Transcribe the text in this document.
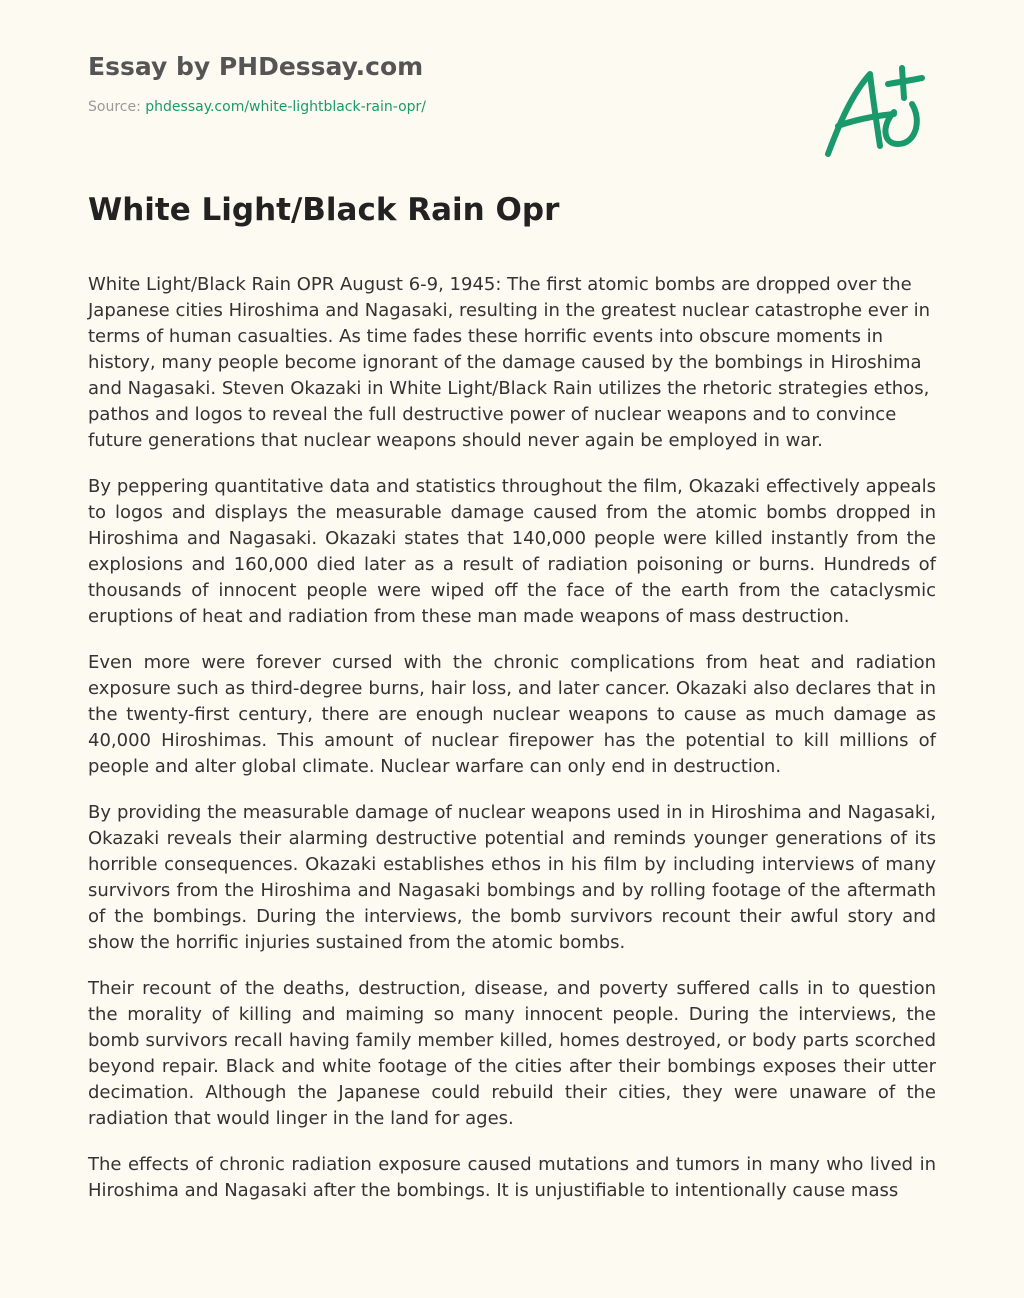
Essay by PHDessay.com
Source: phdessay.com/white-lightblack-rain-opr/
White Light/Black Rain Opr

White Light/Black Rain OPR August 6-9, 1945: The first atomic bombs are dropped over the Japanese cities Hiroshima and Nagasaki, resulting in the greatest nuclear catastrophe ever in terms of human casualties. As time fades these horrific events into obscure moments in history, many people become ignorant of the damage caused by the bombings in Hiroshima and Nagasaki. Steven Okazaki in White Light/Black Rain utilizes the rhetoric strategies ethos, pathos and logos to reveal the full destructive power of nuclear weapons and to convince future generations that nuclear weapons should never again be employed in war.

By peppering quantitative data and statistics throughout the film, Okazaki effectively appeals to logos and displays the measurable damage caused from the atomic bombs dropped in Hiroshima and Nagasaki. Okazaki states that 140,000 people were killed instantly from the explosions and 160,000 died later as a result of radiation poisoning or burns. Hundreds of thousands of innocent people were wiped off the face of the earth from the cataclysmic eruptions of heat and radiation from these man made weapons of mass destruction.

Even more were forever cursed with the chronic complications from heat and radiation exposure such as third-degree burns, hair loss, and later cancer. Okazaki also declares that in the twenty-first century, there are enough nuclear weapons to cause as much damage as 40,000 Hiroshimas. This amount of nuclear firepower has the potential to kill millions of people and alter global climate. Nuclear warfare can only end in destruction.

By providing the measurable damage of nuclear weapons used in in Hiroshima and Nagasaki, Okazaki reveals their alarming destructive potential and reminds younger generations of its horrible consequences. Okazaki establishes ethos in his film by including interviews of many survivors from the Hiroshima and Nagasaki bombings and by rolling footage of the aftermath of the bombings. During the interviews, the bomb survivors recount their awful story and show the horrific injuries sustained from the atomic bombs.

Their recount of the deaths, destruction, disease, and poverty suffered calls in to question the morality of killing and maiming so many innocent people. During the interviews, the bomb survivors recall having family member killed, homes destroyed, or body parts scorched beyond repair. Black and white footage of the cities after their bombings exposes their utter decimation. Although the Japanese could rebuild their cities, they were unaware of the radiation that would linger in the land for ages.

The effects of chronic radiation exposure caused mutations and tumors in many who lived in Hiroshima and Nagasaki after the bombings. It is unjustifiable to intentionally cause mass
